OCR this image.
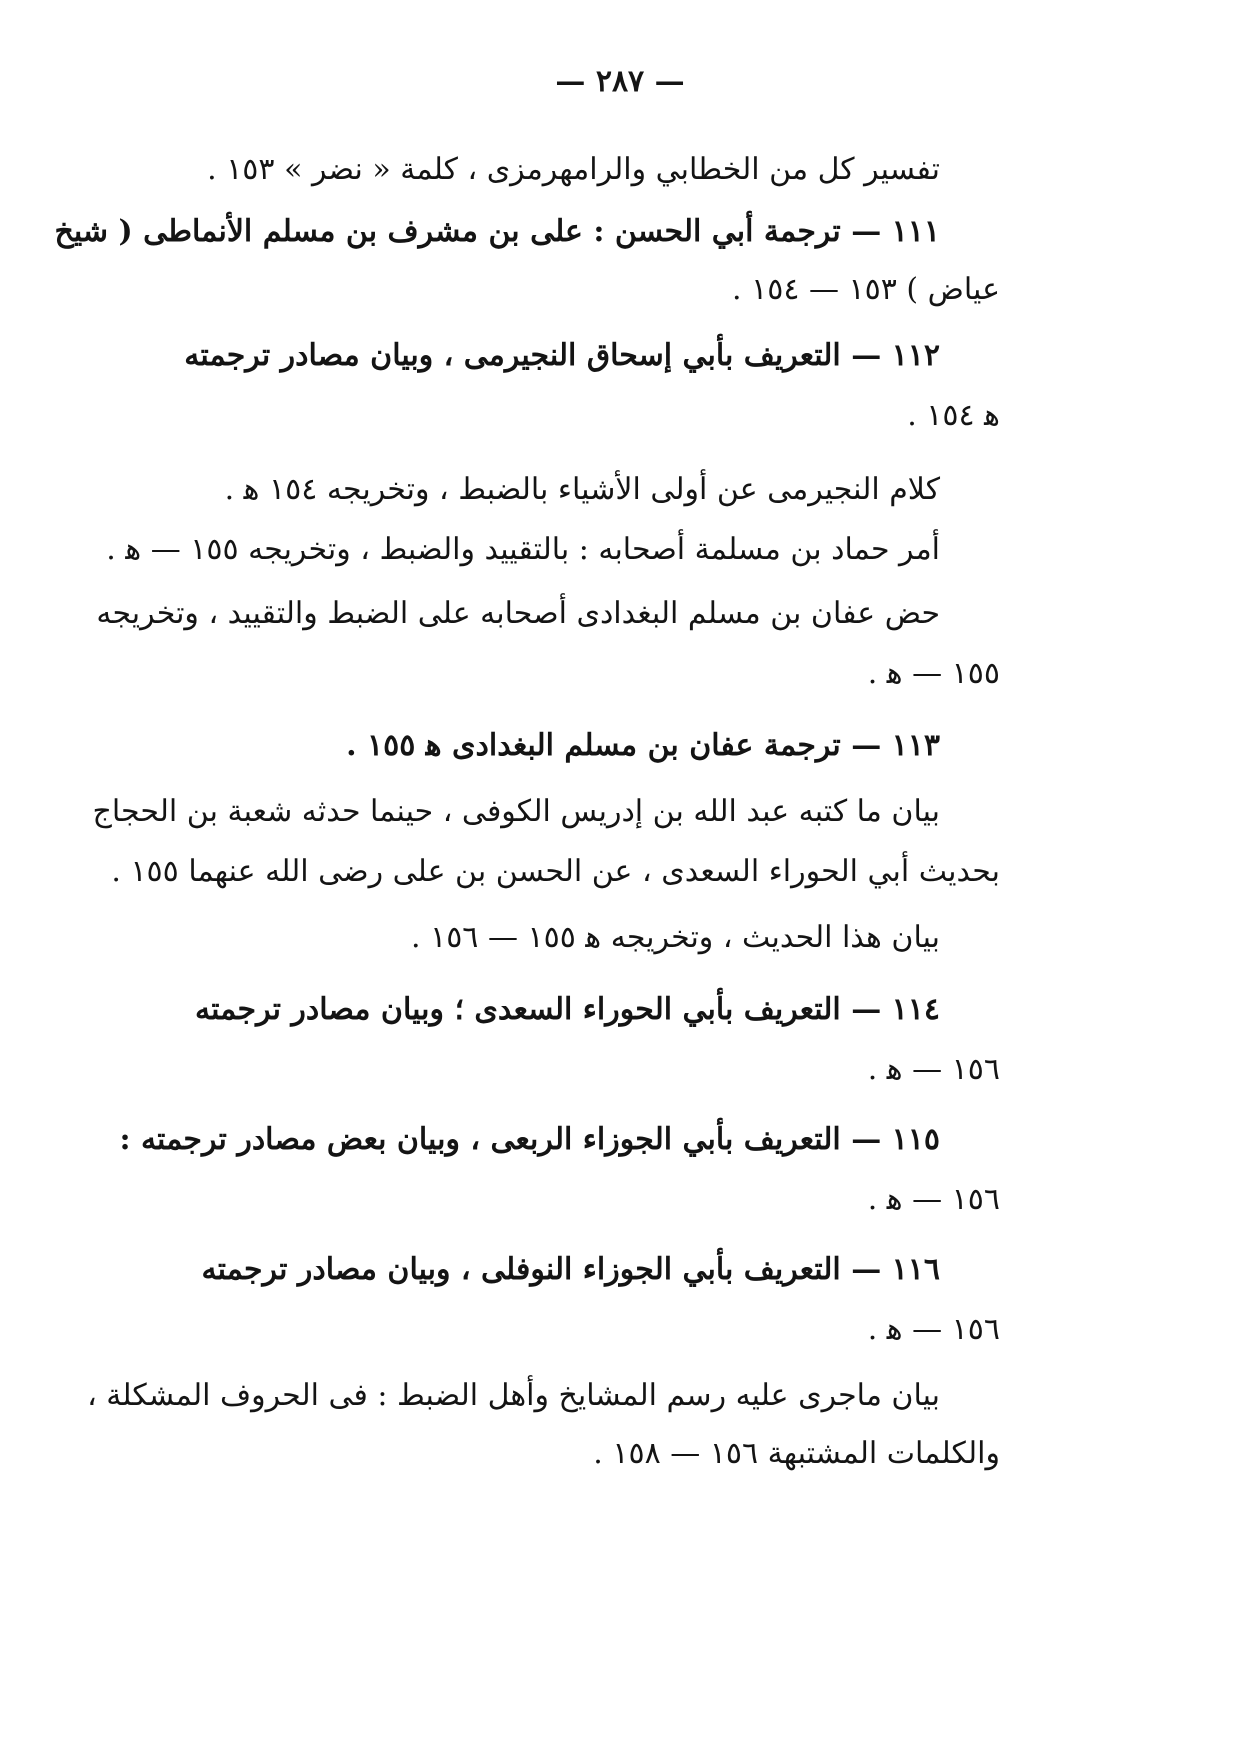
— ٢٨٧ —
تفسير كل من الخطابي والرامهرمزى ، كلمة « نضر » ١٥٣ .
١١١ — ترجمة أبي الحسن : على بن مشرف بن مسلم الأنماطى ( شيخ
عياض ) ١٥٣ — ١٥٤ .
١١٢ — التعريف بأبي إسحاق النجيرمى ، وبيان مصادر ترجمته
ﻫ ١٥٤ .
كلام النجيرمى عن أولى الأشياء بالضبط ، وتخريجه ١٥٤ ﻫ .
أمر حماد بن مسلمة أصحابه : بالتقييد والضبط ، وتخريجه ١٥٥ — ﻫ .
حض عفان بن مسلم البغدادى أصحابه على الضبط والتقييد ، وتخريجه
١٥٥ — ﻫ .
١١٣ — ترجمة عفان بن مسلم البغدادى ﻫ ١٥٥ .
بيان ما كتبه عبد الله بن إدريس الكوفى ، حينما حدثه شعبة بن الحجاج
بحديث أبي الحوراء السعدى ، عن الحسن بن على رضى الله عنهما ١٥٥ .
بيان هذا الحديث ، وتخريجه ﻫ ١٥٥ — ١٥٦ .
١١٤ — التعريف بأبي الحوراء السعدى ؛ وبيان مصادر ترجمته
١٥٦ — ﻫ .
١١٥ — التعريف بأبي الجوزاء الربعى ، وبيان بعض مصادر ترجمته :
١٥٦ — ﻫ .
١١٦ — التعريف بأبي الجوزاء النوفلى ، وبيان مصادر ترجمته
١٥٦ — ﻫ .
بيان ماجرى عليه رسم المشايخ وأهل الضبط : فى الحروف المشكلة ،
والكلمات المشتبهة ١٥٦ — ١٥٨ .
